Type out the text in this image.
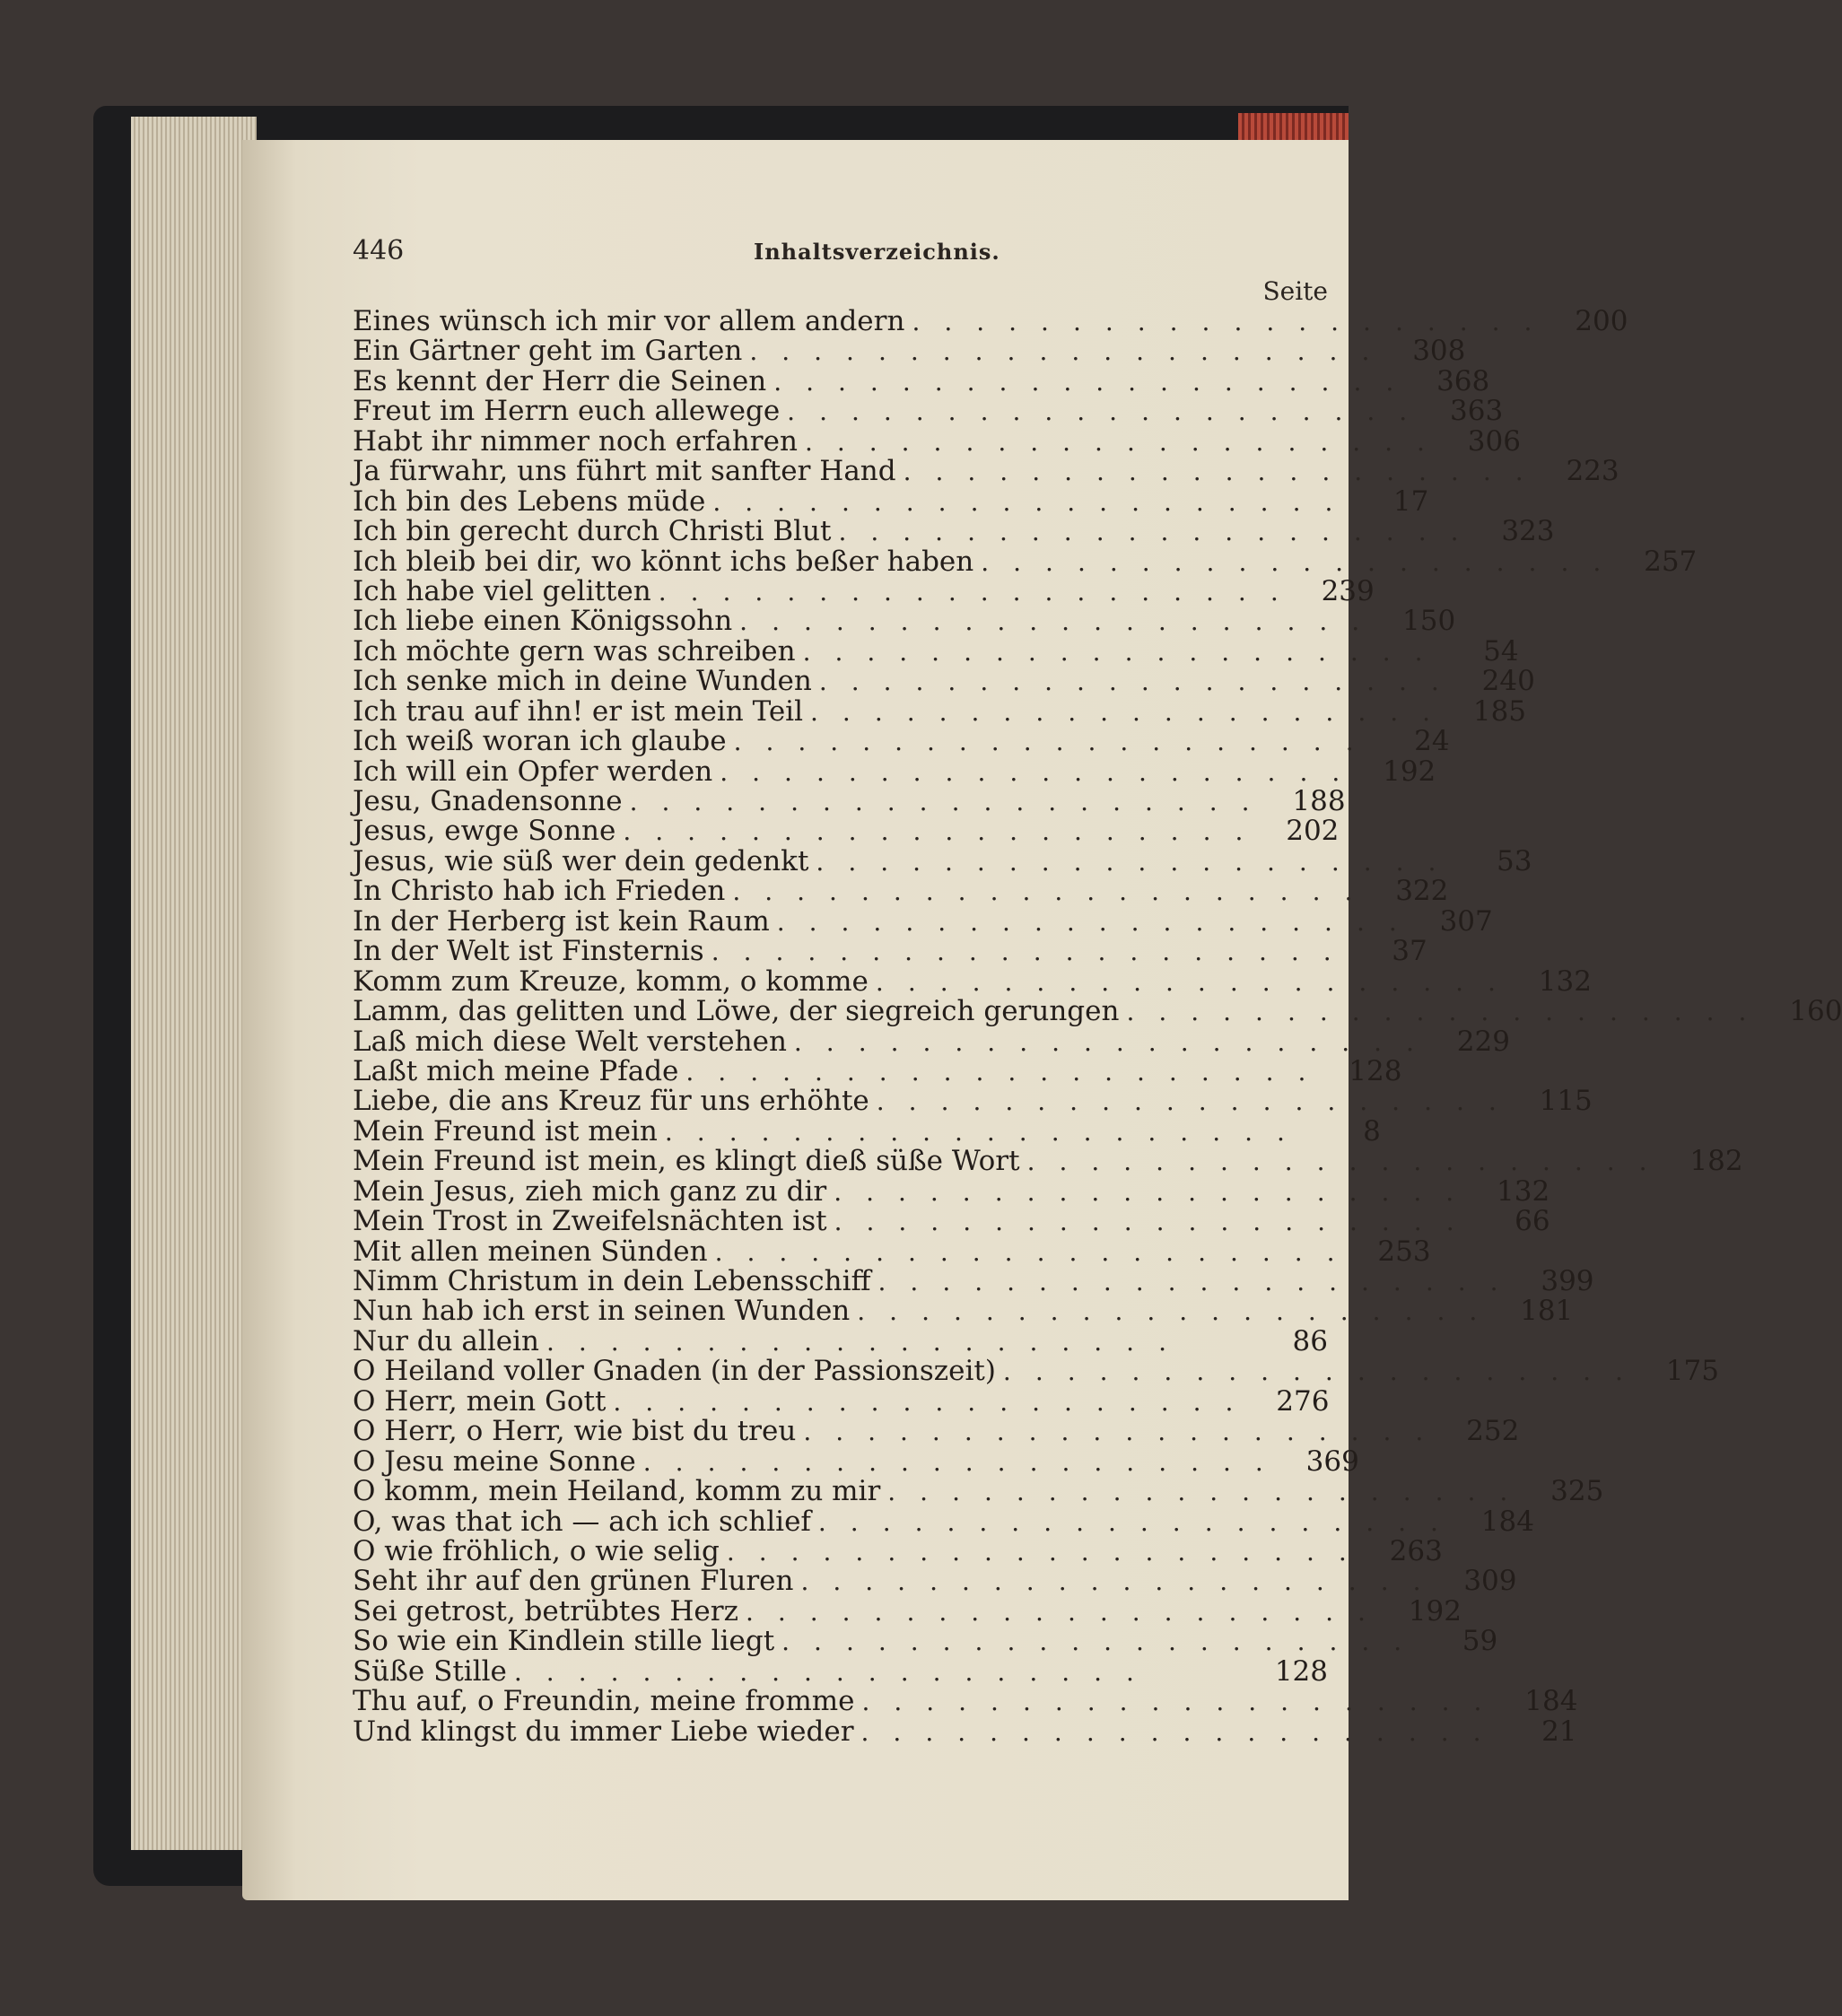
446	Inhaltsverzeichnis.
Seite
Eines wünsch ich mir vor allem andern .................... 200
Ein Gärtner geht im Garten .................... 308
Es kennt der Herr die Seinen .................... 368
Freut im Herrn euch allewege .................... 363
Habt ihr nimmer noch erfahren .................... 306
Ja fürwahr, uns führt mit sanfter Hand .................... 223
Ich bin des Lebens müde ....................	17
Ich bin gerecht durch Christi Blut .................... 323
Ich bleib bei dir, wo könnt ichs beßer haben .................... 257
Ich habe viel gelitten .................... 239
Ich liebe einen Königssohn .................... 150
Ich möchte gern was schreiben ....................	54
Ich senke mich in deine Wunden .................... 240
Ich trau auf ihn! er ist mein Teil .................... 185
Ich weiß woran ich glaube ....................	24
Ich will ein Opfer werden .................... 192
Jesu, Gnadensonne .................... 188
Jesus, ewge Sonne .................... 202
Jesus, wie süß wer dein gedenkt ....................	53
In Christo hab ich Frieden .................... 322
In der Herberg ist kein Raum .................... 307
In der Welt ist Finsternis ....................	37
Komm zum Kreuze, komm, o komme .................... 132
Lamm, das gelitten und Löwe, der siegreich gerungen .................... 160
Laß mich diese Welt verstehen .................... 229
Laßt mich meine Pfade .................... 128
Liebe, die ans Kreuz für uns erhöhte .................... 115
Mein Freund ist mein ....................	8
Mein Freund ist mein, es klingt dieß süße Wort .................... 182
Mein Jesus, zieh mich ganz zu dir .................... 132
Mein Trost in Zweifelsnächten ist ....................	66
Mit allen meinen Sünden .................... 253
Nimm Christum in dein Lebensschiff .................... 399
Nun hab ich erst in seinen Wunden .................... 181
Nur du allein ....................	86
O Heiland voller Gnaden (in der Passionszeit) .................... 175
O Herr, mein Gott .................... 276
O Herr, o Herr, wie bist du treu .................... 252
O Jesu meine Sonne .................... 369
O komm, mein Heiland, komm zu mir .................... 325
O, was that ich — ach ich schlief .................... 184
O wie fröhlich, o wie selig .................... 263
Seht ihr auf den grünen Fluren .................... 309
Sei getrost, betrübtes Herz .................... 192
So wie ein Kindlein stille liegt ....................	59
Süße Stille ....................	128
Thu auf, o Freundin, meine fromme .................... 184
Und klingst du immer Liebe wieder ....................	21
